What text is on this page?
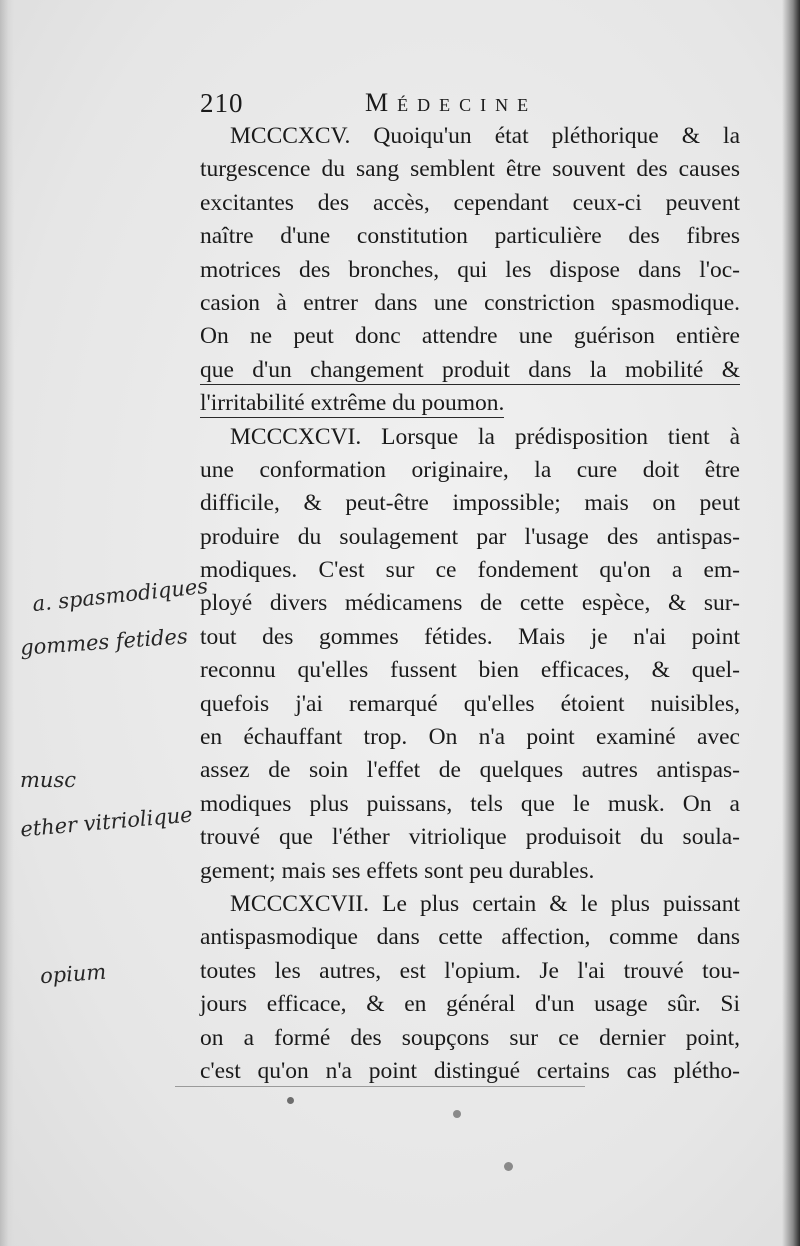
210	Médecine
MCCCXCV. Quoiqu'un état pléthorique & la
turgescence du sang semblent être souvent des causes
excitantes des accès, cependant ceux-ci peuvent
naître d'une constitution particulière des fibres
motrices des bronches, qui les dispose dans l'oc-
casion à entrer dans une constriction spasmodique.
On ne peut donc attendre une guérison entière
que d'un changement produit dans la mobilité &
l'irritabilité extrême du poumon.
MCCCXCVI. Lorsque la prédisposition tient à
une conformation originaire, la cure doit être
difficile, & peut-être impossible; mais on peut
produire du soulagement par l'usage des antispas-
modiques. C'est sur ce fondement qu'on a em-
ployé divers médicamens de cette espèce, & sur-
tout des gommes fétides. Mais je n'ai point
reconnu qu'elles fussent bien efficaces, & quel-
quefois j'ai remarqué qu'elles étoient nuisibles,
en échauffant trop. On n'a point examiné avec
assez de soin l'effet de quelques autres antispas-
modiques plus puissans, tels que le musk. On a
trouvé que l'éther vitriolique produisoit du soula-
gement; mais ses effets sont peu durables.
MCCCXCVII. Le plus certain & le plus puissant
antispasmodique dans cette affection, comme dans
toutes les autres, est l'opium. Je l'ai trouvé tou-
jours efficace, & en général d'un usage sûr. Si
on a formé des soupçons sur ce dernier point,
c'est qu'on n'a point distingué certains cas plétho-
a. spasmodiques
gommes fetides
musc
ether vitriolique
opium
